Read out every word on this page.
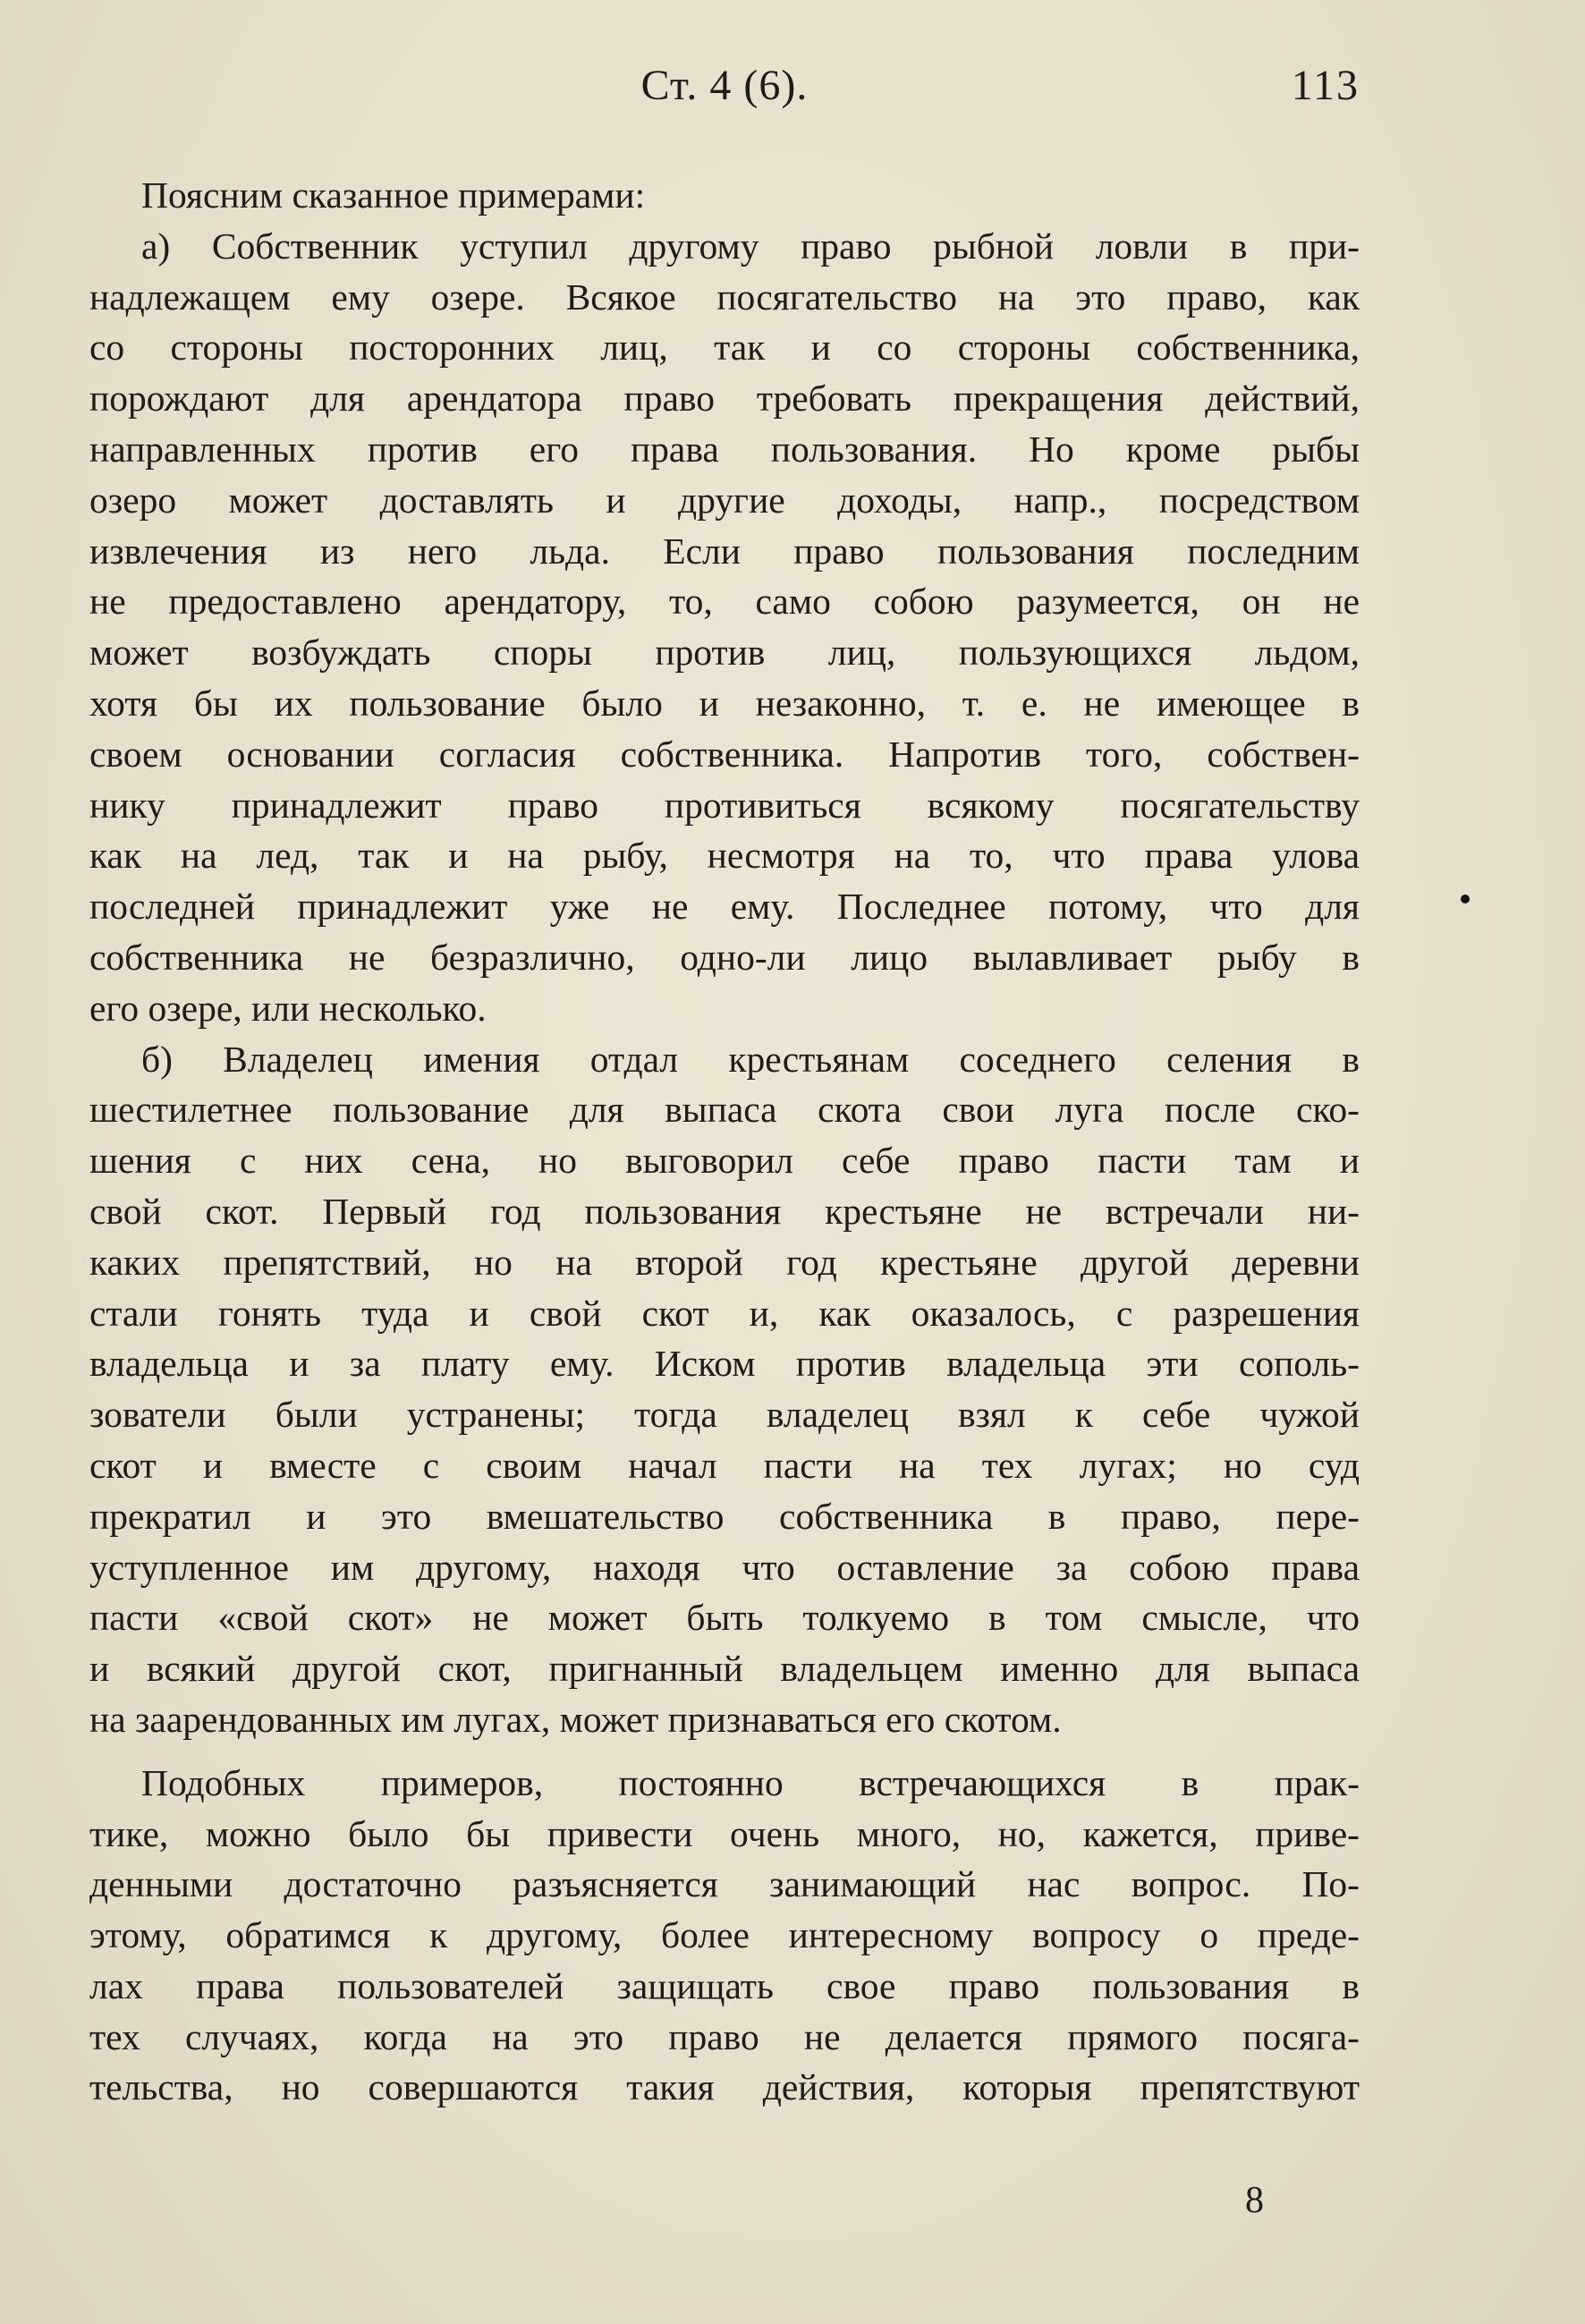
Ст. 4 (6).	113
Поясним сказанное примерами:
а) Собственник уступил другому право рыбной ловли в при-
надлежащем ему озере. Всякое посягательство на это право, как
со стороны посторонних лиц, так и со стороны собственника,
порождают для арендатора право требовать прекращения действий,
направленных против его права пользования. Но кроме рыбы
озеро может доставлять и другие доходы, напр., посредством
извлечения из него льда. Если право пользования последним
не предоставлено арендатору, то, само собою разумеется, он не
может возбуждать споры против лиц, пользующихся льдом,
хотя бы их пользование было и незаконно, т. е. не имеющее в
своем основании согласия собственника. Напротив того, собствен-
нику принадлежит право противиться всякому посягательству
как на лед, так и на рыбу, несмотря на то, что права улова
последней принадлежит уже не ему. Последнее потому, что для
собственника не безразлично, одно-ли лицо вылавливает рыбу в
его озере, или несколько.
б) Владелец имения отдал крестьянам соседнего селения в
шестилетнее пользование для выпаса скота свои луга после ско-
шения с них сена, но выговорил себе право пасти там и
свой скот. Первый год пользования крестьяне не встречали ни-
каких препятствий, но на второй год крестьяне другой деревни
стали гонять туда и свой скот и, как оказалось, с разрешения
владельца и за плату ему. Иском против владельца эти сополь-
зователи были устранены; тогда владелец взял к себе чужой
скот и вместе с своим начал пасти на тех лугах; но суд
прекратил и это вмешательство собственника в право, пере-
уступленное им другому, находя что оставление за собою права
пасти «свой скот» не может быть толкуемо в том смысле, что
и всякий другой скот, пригнанный владельцем именно для выпаса
на заарендованных им лугах, может признаваться его скотом.
Подобных примеров, постоянно встречающихся в прак-
тике, можно было бы привести очень много, но, кажется, приве-
денными достаточно разъясняется занимающий нас вопрос. По-
этому, обратимся к другому, более интересному вопросу о преде-
лах права пользователей защищать свое право пользования в
тех случаях, когда на это право не делается прямого посяга-
тельства, но совершаются такия действия, которыя препятствуют
8
